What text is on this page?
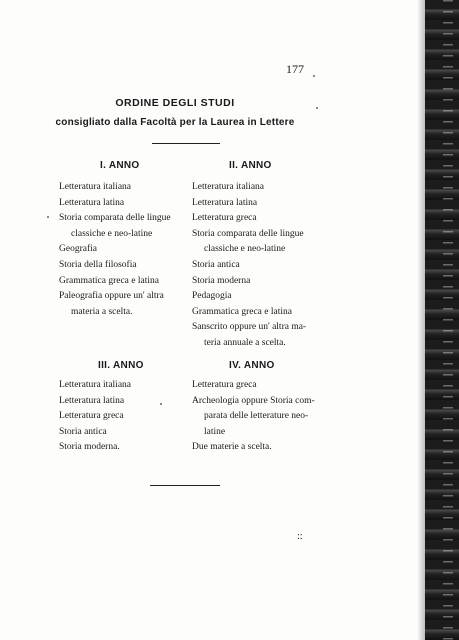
177
ORDINE DEGLI STUDI
consigliato dalla Facoltà per la Laurea in Lettere
I. ANNO
Letteratura italiana
Letteratura latina
Storia comparata delle lingue
classiche e neo-latine
Geografia
Storia della filosofia
Grammatica greca e latina
Paleografia oppure un' altra
materia a scelta.
II. ANNO
Letteratura italiana
Letteratura latina
Letteratura greca
Storia comparata delle lingue
classiche e neo-latine
Storia antica
Storia moderna
Pedagogia
Grammatica greca e latina
Sanscrito oppure un' altra ma-
teria annuale a scelta.
III. ANNO
Letteratura italiana
Letteratura latina
Letteratura greca
Storia antica
Storia moderna.
IV. ANNO
Letteratura greca
Archeologia oppure Storia com-
parata delle letterature neo-
latine
Due materie a scelta.
::
